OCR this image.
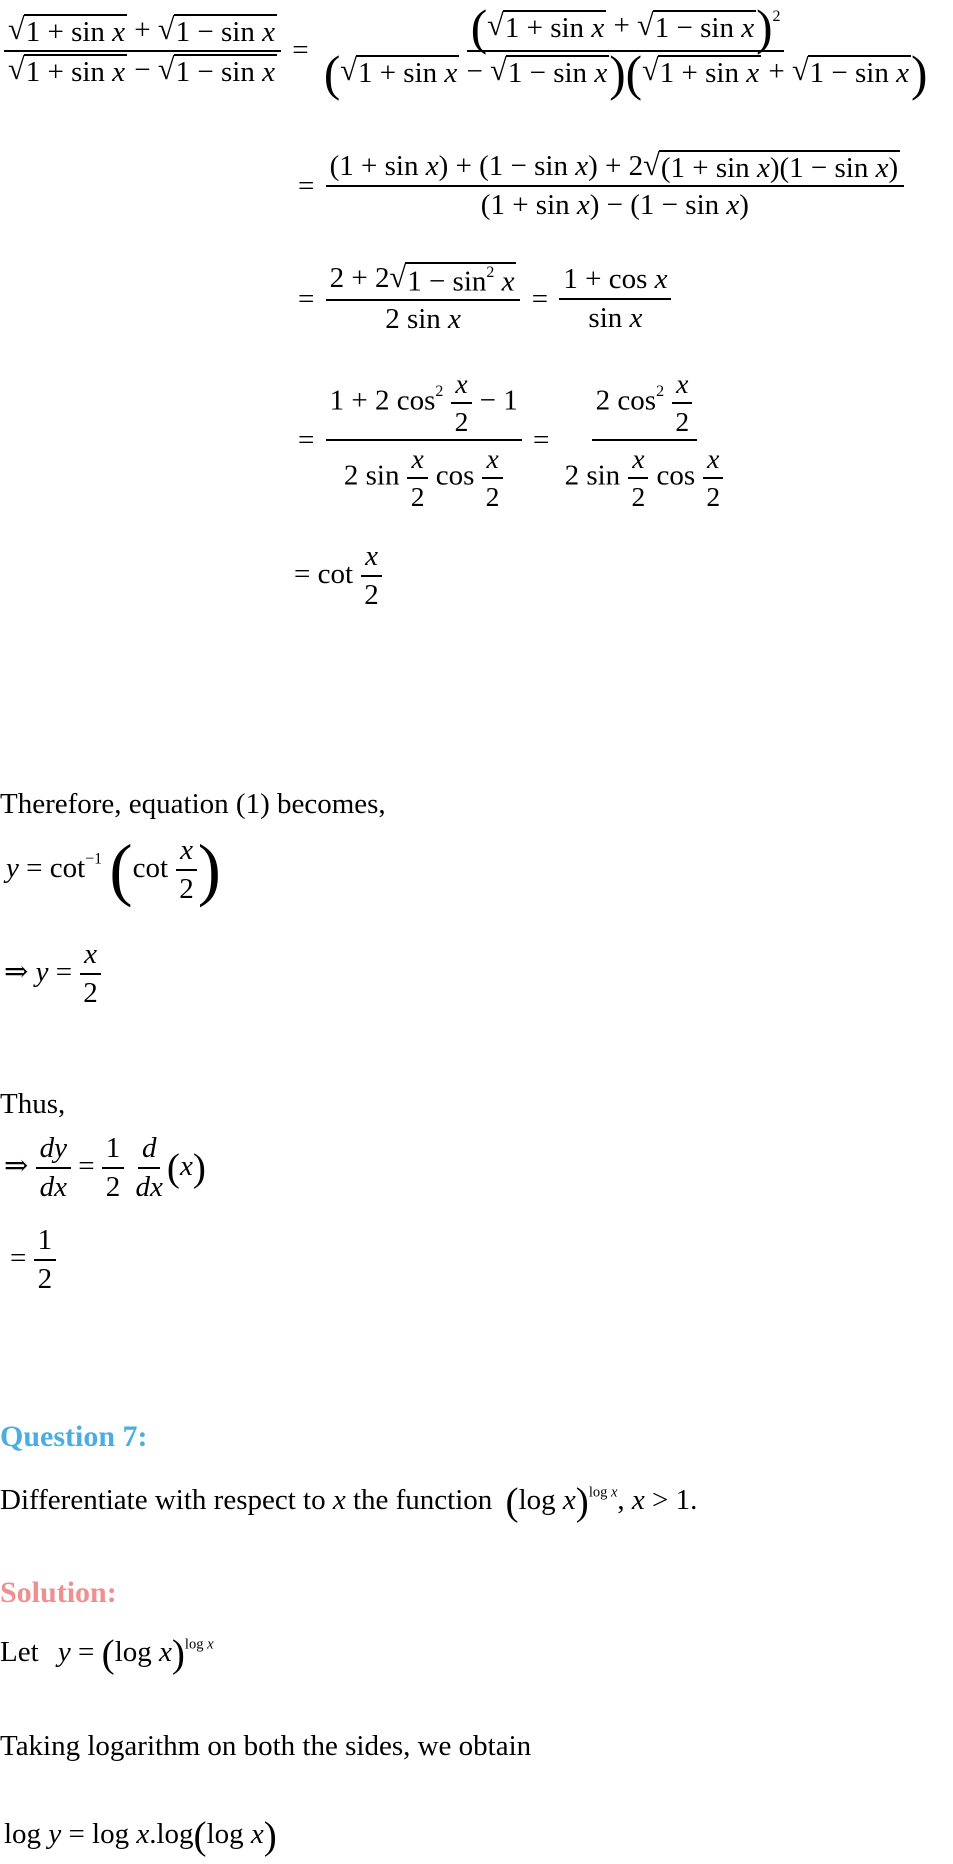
$\frac{\text{√ 1 + sin x + √ 1 − sin x}}{\text{√ 1 + sin x − √ 1 − sin x}}$ =	( √ 1 + sin x + √ 1 − sin x )$^2$
( √ 1 + sin x − √ 1 − sin x )( √ 1 + sin x + √ 1 − sin x )
= $\frac{\text{(1 + sin x) + (1 − sin x) + 2 √ (1 + sin x)(1 − sin x)}}{\text{(1 + sin x) − (1 − sin x)}}$
= $\frac{2 + 2 √ 1 - \sin^2 x}{\text{2 sin x}} = \frac{\text{1 + cos x}}{\text{sin x}}$
= $\frac{1 + 2 \cos^2 \frac{x}{2} - 1}{2 \sin \frac{x}{2} \cos \frac{x}{2}} = \frac{2 \cos^2 \frac{x}{2}}{2 \sin \frac{x}{2} \cos \frac{x}{2}}$
= $\cot \frac{x}{2}$
Therefore, equation (1) becomes,
$y = \cot^{-1} (\cot \frac{x}{2}$ )
⇒ $y = \frac{x}{2}$
Thus,
⇒ $\frac{dy}{dx} = \frac{1}{2}$
$\frac{d}{dx} (x)$
= $\frac{1}{2}$
Question 7:
Differentiate with respect to x the function (log x)$^{log x}$, x > 1.
Solution:
Let y = (log x)$^{log x}$
Taking logarithm on both the sides, we obtain
log y = log x.log(log x)
